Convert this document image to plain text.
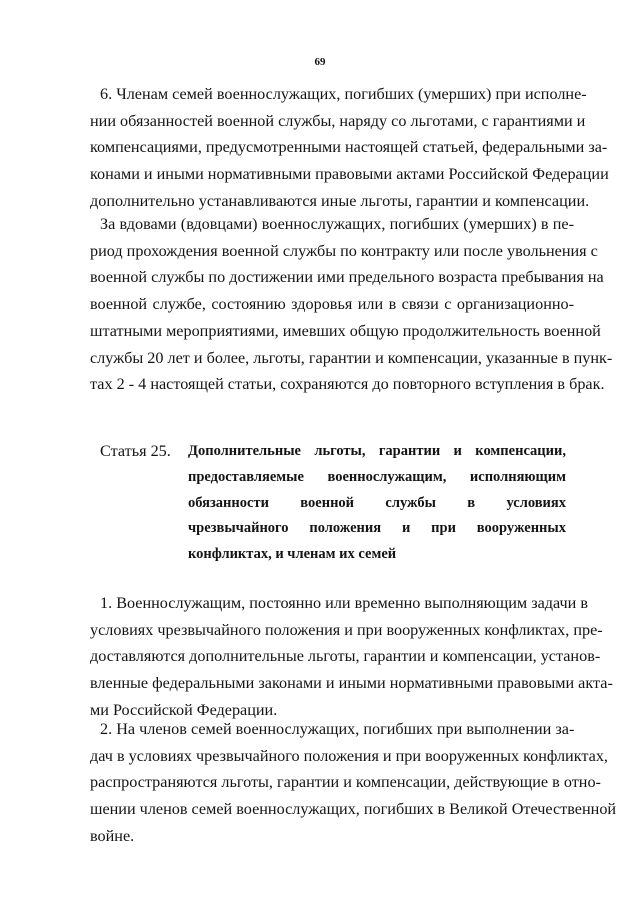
69
6. Членам семей военнослужащих, погибших (умерших) при исполне-
нии обязанностей военной службы, наряду со льготами, с гарантиями и
компенсациями, предусмотренными настоящей статьей, федеральными за-
конами и иными нормативными правовыми актами Российской Федерации
дополнительно устанавливаются иные льготы, гарантии и компенсации.
За вдовами (вдовцами) военнослужащих, погибших (умерших) в пе-
риод прохождения военной службы по контракту или после увольнения с
военной службы по достижении ими предельного возраста пребывания на
военной службе, состоянию здоровья или в связи с организационно-
штатными мероприятиями, имевших общую продолжительность военной
службы 20 лет и более, льготы, гарантии и компенсации, указанные в пунк-
тах 2 - 4 настоящей статьи, сохраняются до повторного вступления в брак.
Статья 25. Дополнительные льготы, гарантии и компенсации,
предоставляемые военнослужащим, исполняющим
обязанности военной службы в условиях
чрезвычайного положения и при вооруженных
конфликтах, и членам их семей
1. Военнослужащим, постоянно или временно выполняющим задачи в
условиях чрезвычайного положения и при вооруженных конфликтах, пре-
доставляются дополнительные льготы, гарантии и компенсации, установ-
вленные федеральными законами и иными нормативными правовыми акта-
ми Российской Федерации.
2. На членов семей военнослужащих, погибших при выполнении за-
дач в условиях чрезвычайного положения и при вооруженных конфликтах,
распространяются льготы, гарантии и компенсации, действующие в отно-
шении членов семей военнослужащих, погибших в Великой Отечественной
войне.
